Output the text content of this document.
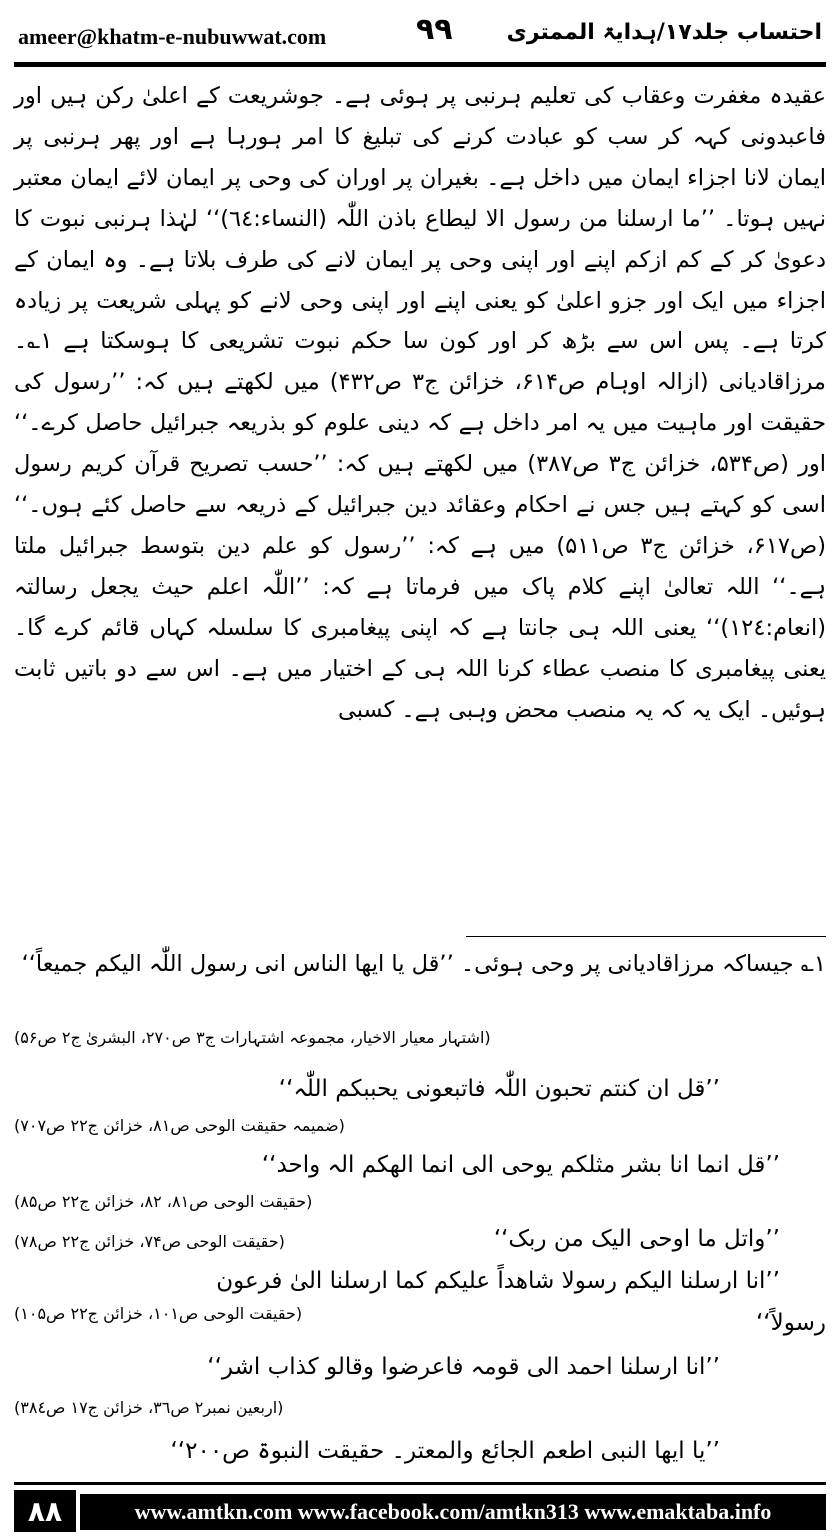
ameer@khatm-e-nubuwwat.com	۹۹ احتساب جلد۱۷/ہدایۃ الممتری

عقیدہ مغفرت وعقاب کی تعلیم ہرنبی پر ہوئی ہے۔ جوشریعت کے اعلیٰ رکن ہیں اور فاعبدونی کہہ کر سب کو عبادت کرنے کی تبلیغ کا امر ہورہا ہے اور پھر ہرنبی پر ایمان لانا اجزاء ایمان میں داخل ہے۔ بغیران پر اوران کی وحی پر ایمان لائے ایمان معتبر نہیں ہوتا۔ ’’ما ارسلنا من رسول الا لیطاع باذن اللّٰہ (النساء:٦٤)‘‘ لہٰذا ہرنبی نبوت کا دعویٰ کر کے کم ازکم اپنے اور اپنی وحی پر ایمان لانے کی طرف بلاتا ہے۔ وہ ایمان کے اجزاء میں ایک اور جزو اعلیٰ کو یعنی اپنے اور اپنی وحی لانے کو پہلی شریعت پر زیادہ کرتا ہے۔ پس اس سے بڑھ کر اور کون سا حکم نبوت تشریعی کا ہوسکتا ہے ۱؎۔ مرزاقادیانی (ازالہ اوہام ص۶۱۴، خزائن ج۳ ص۴۳۲) میں لکھتے ہیں کہ: ’’رسول کی حقیقت اور ماہیت میں یہ امر داخل ہے کہ دینی علوم کو بذریعہ جبرائیل حاصل کرے۔‘‘ اور (ص۵۳۴، خزائن ج۳ ص۳۸۷) میں لکھتے ہیں کہ: ’’حسب تصریح قرآن کریم رسول اسی کو کہتے ہیں جس نے احکام وعقائد دین جبرائیل کے ذریعہ سے حاصل کئے ہوں۔‘‘ (ص۶۱۷، خزائن ج۳ ص۵۱۱) میں ہے کہ: ’’رسول کو علم دین بتوسط جبرائیل ملتا ہے۔‘‘ اللہ تعالیٰ اپنے کلام پاک میں فرماتا ہے کہ: ’’اللّٰہ اعلم حیث یجعل رسالتہ (انعام:١٢٤)‘‘ یعنی اللہ ہی جانتا ہے کہ اپنی پیغامبری کا سلسلہ کہاں قائم کرے گا۔ یعنی پیغامبری کا منصب عطاء کرنا اللہ ہی کے اختیار میں ہے۔ اس سے دو باتیں ثابت ہوئیں۔ ایک یہ کہ یہ منصب محض وہبی ہے۔ کسبی

۱؎ جیساکہ مرزاقادیانی پر وحی ہوئی۔ ’’قل یا ایھا الناس انی رسول اللّٰہ الیکم جمیعاً‘‘
(اشتہار معیار الاخیار، مجموعہ اشتہارات ج۳ ص۲۷۰، البشریٰ ج۲ ص۵۶)
’’قل ان کنتم تحبون اللّٰہ فاتبعونی یحببکم اللّٰہ‘‘
(ضمیمہ حقیقت الوحی ص۸۱، خزائن ج۲۲ ص۷۰۷)
’’قل انما انا بشر مثلکم یوحی الی انما الھکم الہ واحد‘‘
(حقیقت الوحی ص۸۱، ۸۲، خزائن ج۲۲ ص۸۵)
’’واتل ما اوحی الیک من ربک‘‘
(حقیقت الوحی ص۷۴، خزائن ج۲۲ ص۷۸)
’’انا ارسلنا الیکم رسولا شاھداً علیکم کما ارسلنا الیٰ فرعون
رسولاً‘‘
(حقیقت الوحی ص۱۰۱، خزائن ج۲۲ ص۱۰۵)
’’انا ارسلنا احمد الی قومہ فاعرضوا وقالو کذاب اشر‘‘
(اربعین نمبر۲ ص٣٦، خزائن ج١٧ ص٣٨٤)
’’یا ایھا النبی اطعم الجائع والمعتر۔ حقیقت النبوۃ ص٢٠٠‘‘
۸۸	www.amtkn.com www.facebook.com/amtkn313 www.emaktaba.info
